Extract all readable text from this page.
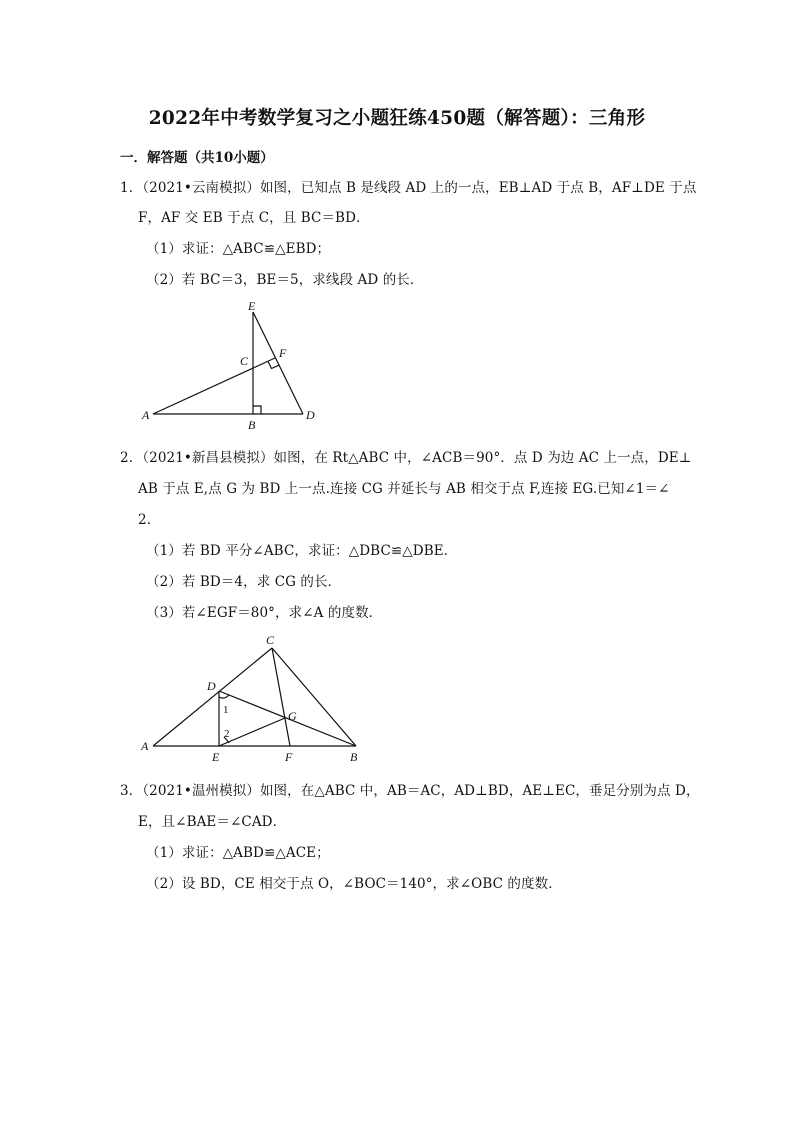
2022年中考数学复习之小题狂练450题（解答题）：三角形
一．解答题（共10小题）
1．（2021•云南模拟）如图，已知点 B 是线段 AD 上的一点，EB⊥AD 于点 B，AF⊥DE 于点
F，AF 交 EB 于点 C，且 BC＝BD．
（1）求证：△ABC≌△EBD；
（2）若 BC＝3，BE＝5，求线段 AD 的长．
E
C
F
A
B
D
2．（2021•新昌县模拟）如图，在 Rt△ABC 中，∠ACB＝90°．点 D 为边 AC 上一点，DE⊥
AB 于点 E,点 G 为 BD 上一点.连接 CG 并延长与 AB 相交于点 F,连接 EG.已知∠1＝∠
2．
（1）若 BD 平分∠ABC，求证：△DBC≌△DBE．
（2）若 BD＝4，求 CG 的长．
（3）若∠EGF＝80°，求∠A 的度数．
C
D
G
1
2
A
E	F	B
3．（2021•温州模拟）如图，在△ABC 中，AB＝AC，AD⊥BD，AE⊥EC，垂足分别为点 D，
E，且∠BAE＝∠CAD．
（1）求证：△ABD≌△ACE；
（2）设 BD，CE 相交于点 O，∠BOC＝140°，求∠OBC 的度数．
